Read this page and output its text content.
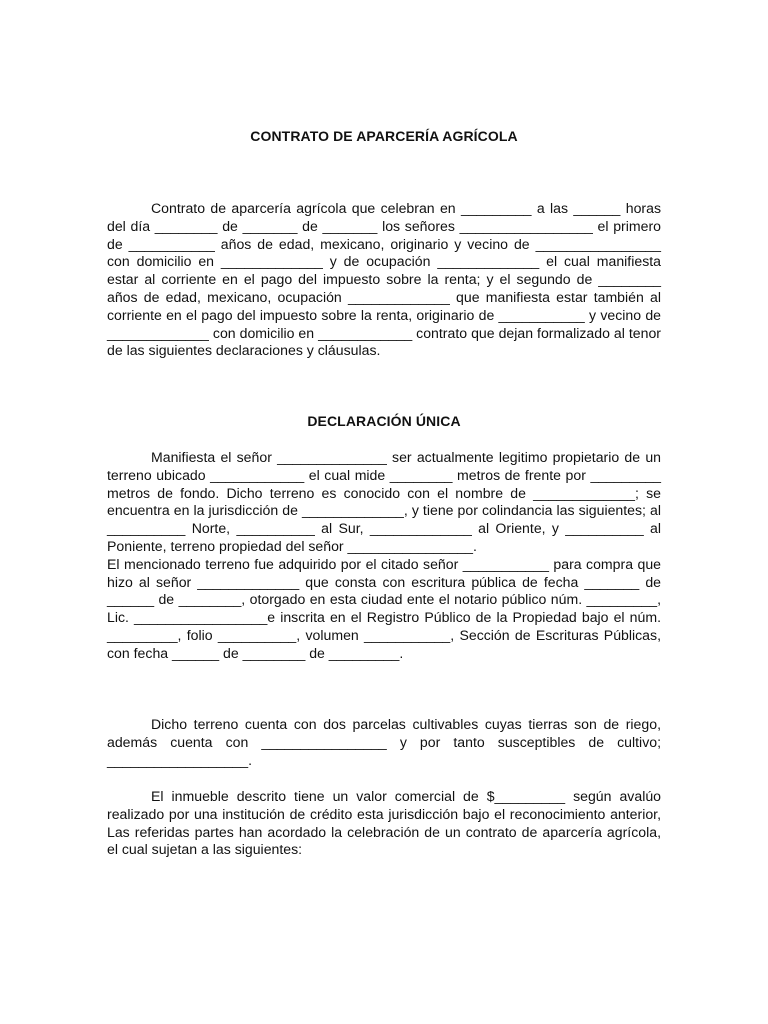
CONTRATO DE APARCERÍA AGRÍCOLA

Contrato de aparcería agrícola que celebran en _________ a las ______ horas del día ________ de _______ de _______ los señores _________________ el primero de ___________ años de edad, mexicano, originario y vecino de ________________ con domicilio en _____________ y de ocupación _____________ el cual manifiesta estar al corriente en el pago del impuesto sobre la renta; y el segundo de ________ años de edad, mexicano, ocupación _____________ que manifiesta estar también al corriente en el pago del impuesto sobre la renta, originario de ___________ y vecino de _____________ con domicilio en ____________ contrato que dejan formalizado al tenor de las siguientes declaraciones y cláusulas.

DECLARACIÓN ÚNICA
Manifiesta el señor ______________ ser actualmente legitimo propietario de un terreno ubicado ____________ el cual mide ________ metros de frente por _________ metros de fondo. Dicho terreno es conocido con el nombre de _____________; se encuentra en la jurisdicción de _____________, y tiene por colindancia las siguientes; al __________ Norte, __________ al Sur, _____________ al Oriente, y __________ al Poniente, terreno propiedad del señor ________________.
El mencionado terreno fue adquirido por el citado señor ___________ para compra que hizo al señor _____________ que consta con escritura pública de fecha _______ de ______ de ________, otorgado en esta ciudad ente el notario público núm. _________, Lic. _________________e inscrita en el Registro Público de la Propiedad bajo el núm. _________, folio __________, volumen ___________, Sección de Escrituras Públicas, con fecha ______ de ________ de _________.

Dicho terreno cuenta con dos parcelas cultivables cuyas tierras son de riego, además cuenta con ________________ y por tanto susceptibles de cultivo; __________________.

El inmueble descrito tiene un valor comercial de $_________ según avalúo realizado por una institución de crédito esta jurisdicción bajo el reconocimiento anterior, Las referidas partes han acordado la celebración de un contrato de aparcería agrícola, el cual sujetan a las siguientes:
